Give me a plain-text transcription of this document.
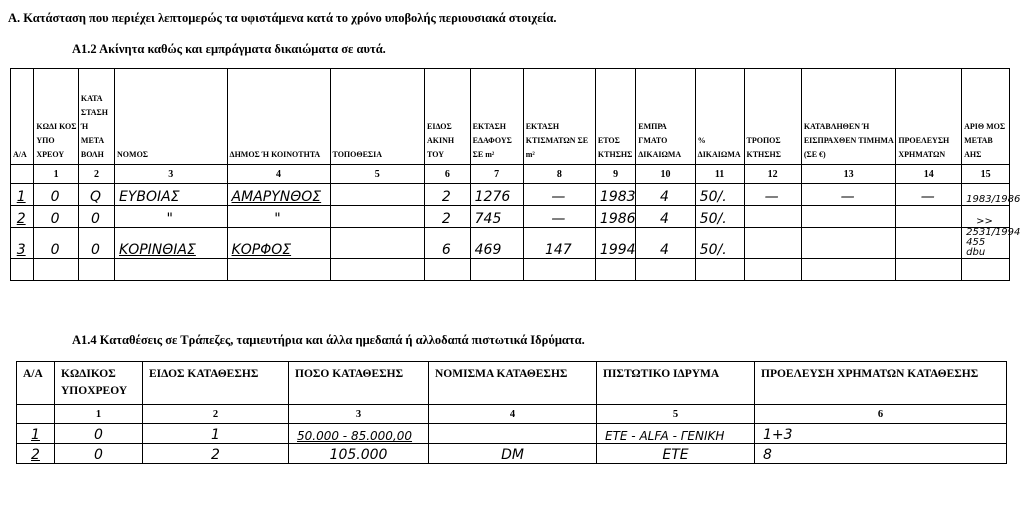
Α. Κατάσταση που περιέχει λεπτομερώς τα υφιστάμενα κατά το χρόνο υποβολής περιουσιακά στοιχεία.
Α1.2 Ακίνητα καθώς και εμπράγματα δικαιώματα σε αυτά.
Α/Α	ΚΩΔΙ ΚΟΣ ΥΠΟ ΧΡΕΟΥ	ΚΑΤΑ ΣΤΑΣΗ Ή ΜΕΤΑ ΒΟΛΗ	ΝΟΜΟΣ	ΔΗΜΟΣ Ή ΚΟΙΝΟΤΗΤΑ	ΤΟΠΟΘΕΣΙΑ	ΕΙΔΟΣ ΑΚΙΝΗ ΤΟΥ	ΕΚΤΑΣΗ ΕΔΑΦΟΥΣ ΣΕ m²	ΕΚΤΑΣΗ ΚΤΙΣΜΑΤΩΝ ΣΕ m²	ΕΤΟΣ ΚΤΗΣΗΣ	ΕΜΠΡΑ ΓΜΑΤΟ ΔΙΚΑΙΩΜΑ	% ΔΙΚΑΙΩΜΑ	ΤΡΟΠΟΣ ΚΤΗΣΗΣ	ΚΑΤΑΒΛΗΘΕΝ Ή ΕΙΣΠΡΑΧΘΕΝ ΤΙΜΗΜΑ (ΣΕ €)	ΠΡΟΕΛΕΥΣΗ ΧΡΗΜΑΤΩΝ	ΑΡΙΘ ΜΟΣ ΜΕΤΑΒ ΑΗΣ
	1	2	3	4	5	6	7	8	9	10	11	12	13	14	15
1	0	Q	ΕΥΒΟΙΑΣ	ΑΜΑΡΥΝΘΟΣ		2	1276	—	1983	4	50/.	—	—	—	1983/1986
2	0	0	"	"		2	745	—	1986	4	50/.				>>
3	0	0	ΚΟΡΙΝΘΙΑΣ	ΚΟΡΦΟΣ		6	469	147	1994	4	50/.				2531/1994 455 dbu

Α1.4 Καταθέσεις σε Τράπεζες, ταμιευτήρια και άλλα ημεδαπά ή αλλοδαπά πιστωτικά Ιδρύματα.
Α/Α	ΚΩΔΙΚΟΣ ΥΠΟΧΡΕΟΥ	ΕΙΔΟΣ ΚΑΤΑΘΕΣΗΣ	ΠΟΣΟ ΚΑΤΑΘΕΣΗΣ	ΝΟΜΙΣΜΑ ΚΑΤΑΘΕΣΗΣ	ΠΙΣΤΩΤΙΚΟ ΙΔΡΥΜΑ	ΠΡΟΕΛΕΥΣΗ ΧΡΗΜΑΤΩΝ ΚΑΤΑΘΕΣΗΣ
	1	2	3	4	5	6
1	0	1	50.000 - 85.000,00		ΕΤΕ - ALFA - ΓΕΝΙΚΗ	1+3
2	0	2	105.000	DM	ΕΤΕ	8
